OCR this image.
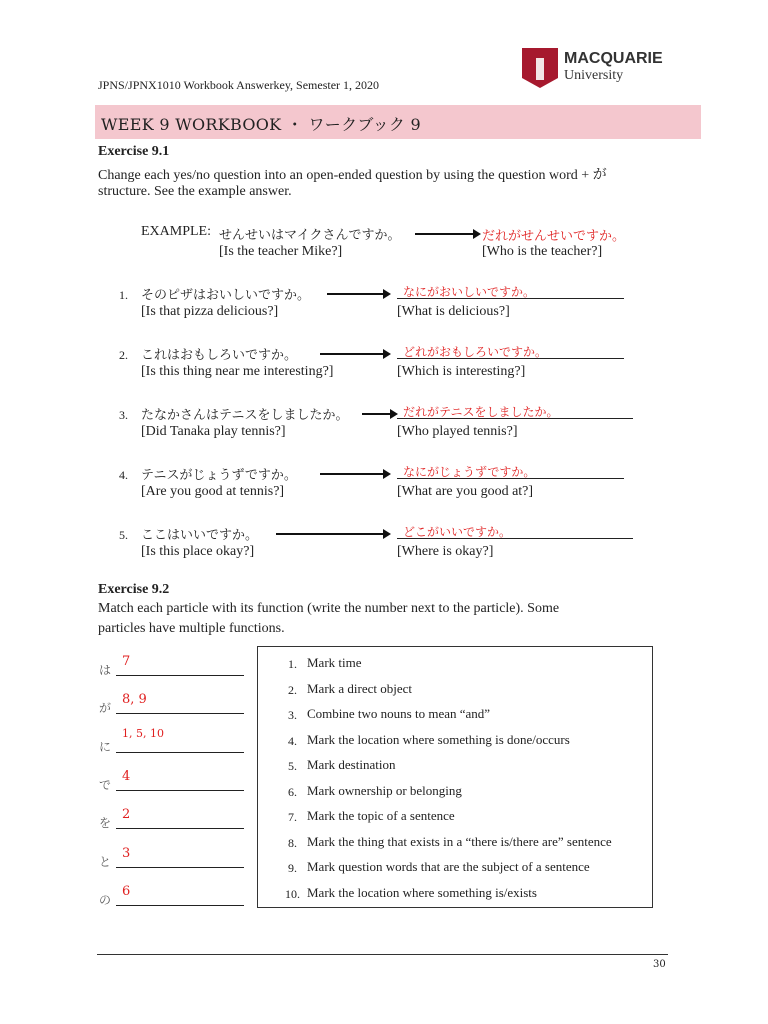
JPNS/JPNX1010 Workbook Answerkey, Semester 1, 2020
MACQUARIE
University
WEEK 9 WORKBOOK ・ ワークブック 9
Exercise 9.1
Change each yes/no question into an open-ended question by using the question word + が
structure. See the example answer.
EXAMPLE: せんせいはマイクさんですか。
[Is the teacher Mike?]
だれがせんせいですか。
[Who is the teacher?]
1. そのピザはおいしいですか。
[Is that pizza delicious?]
なにがおいしいですか。
[What is delicious?]
2. これはおもしろいですか。
[Is this thing near me interesting?]
どれがおもしろいですか。
[Which is interesting?]
3. たなかさんはテニスをしましたか。
[Did Tanaka play tennis?]
だれがテニスをしましたか。
[Who played tennis?]
4. テニスがじょうずですか。
[Are you good at tennis?]
なにがじょうずですか。
[What are you good at?]
5. ここはいいですか。
[Is this place okay?]
どこがいいですか。
[Where is okay?]
Exercise 9.2
Match each particle with its function (write the number next to the particle). Some
particles have multiple functions.
は
7
が
8, 9
に
1, 5, 10
で
4
を
2
と
3
の
6
1. Mark time
2. Mark a direct object
3. Combine two nouns to mean “and”
4. Mark the location where something is done/occurs
5. Mark destination
6. Mark ownership or belonging
7. Mark the topic of a sentence
8. Mark the thing that exists in a “there is/there are” sentence
9. Mark question words that are the subject of a sentence
10. Mark the location where something is/exists
30
